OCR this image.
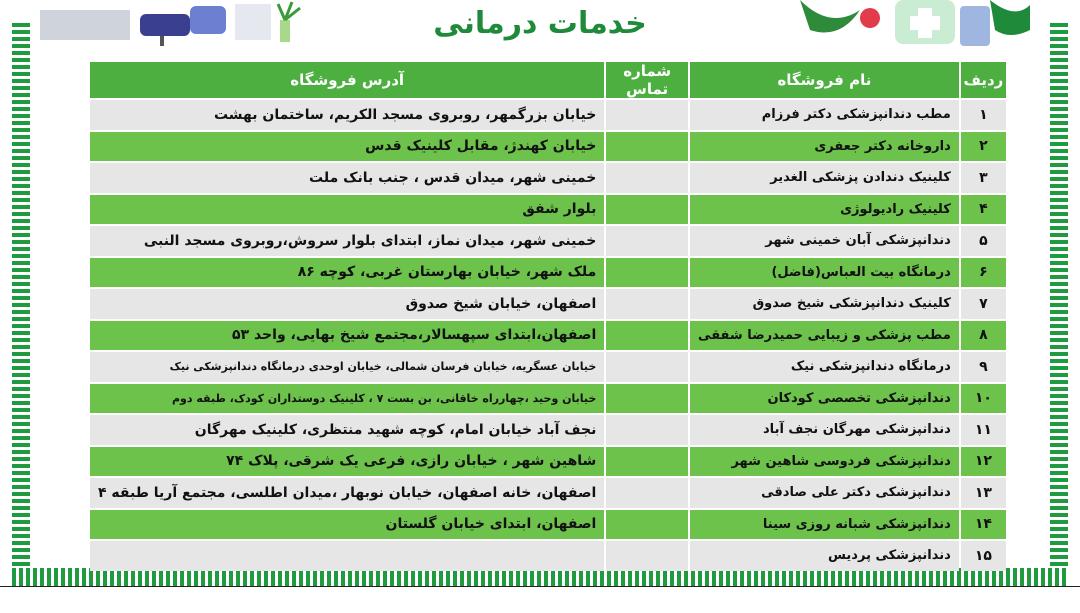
خدمات درمانی
ردیف	نام فروشگاه	شماره تماس	آدرس فروشگاه
۱	مطب دندانپزشکی دکتر فرزام		خیابان بزرگمهر، روبروی مسجد الکریم، ساختمان بهشت
۲	داروخانه دکتر جعفری		خیابان کهندژ، مقابل کلینیک قدس
۳	کلینیک دندادن پزشکی الغدیر		خمینی شهر، میدان قدس ، جنب بانک ملت
۴	کلینیک رادیولوژی		بلوار شفق
۵	دندانپزشکی آبان خمینی شهر		خمینی شهر، میدان نماز، ابتدای بلوار سروش،روبروی مسجد النبی
۶	درمانگاه بیت العباس(فاضل)		ملک شهر، خیابان بهارستان غربی، کوچه ۸۶
۷	کلینیک دندانپزشکی شیخ صدوق		اصفهان، خیابان شیخ صدوق
۸	مطب پزشکی و زیبایی حمیدرضا شفقی		اصفهان،ابتدای سپهسالار،مجتمع شیخ بهایی، واحد ۵۳
۹	درمانگاه دندانپزشکی نیک		خیابان عسگریه، خیابان فرسان شمالی، خیابان اوحدی درمانگاه دندانپزشکی نیک
۱۰	دندانپزشکی تخصصی کودکان		خیابان وحید ،چهارراه خاقانی، بن بست ۷ ، کلینیک دوستداران کودک، طبقه دوم
۱۱	دندانپزشکی مهرگان نجف آباد		نجف آباد خیابان امام، کوچه شهید منتظری، کلینیک مهرگان
۱۲	دندانپزشکی فردوسی شاهین شهر		شاهین شهر ، خیابان رازی، فرعی یک شرقی، پلاک ۷۴
۱۳	دندانپزشکی دکتر علی صادقی		اصفهان، خانه اصفهان، خیابان نوبهار ،میدان اطلسی، مجتمع آریا طبقه ۴
۱۴	دندانپزشکی شبانه روزی سینا		اصفهان، ابتدای خیابان گلستان
۱۵	دندانپزشکی پردیس		
